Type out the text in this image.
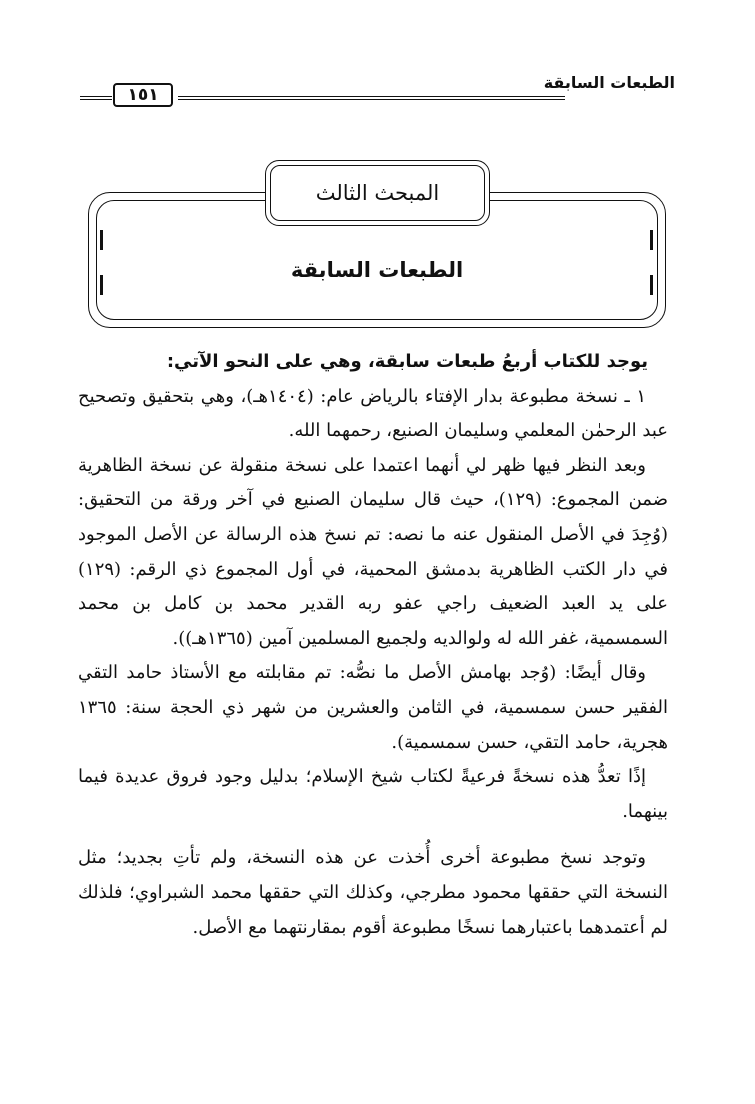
الطبعات السابقة
١٥١
المبحث الثالث
الطبعات السابقة

يوجد للكتاب أربعُ طبعات سابقة، وهي على النحو الآتي:

١ ـ نسخة مطبوعة بدار الإفتاء بالرياض عام: (١٤٠٤هـ)، وهي بتحقيق وتصحيح عبد الرحمٰن المعلمي وسليمان الصنيع، رحمهما الله.

وبعد النظر فيها ظهر لي أنهما اعتمدا على نسخة منقولة عن نسخة الظاهرية ضمن المجموع: (١٢٩)، حيث قال سليمان الصنيع في آخر ورقة من التحقيق: (وُجِدَ في الأصل المنقول عنه ما نصه: تم نسخ هذه الرسالة عن الأصل الموجود في دار الكتب الظاهرية بدمشق المحمية، في أول المجموع ذي الرقم: (١٢٩) على يد العبد الضعيف راجي عفو ربه القدير محمد بن كامل بن محمد السمسمية، غفر الله له ولوالديه ولجميع المسلمين آمين (١٣٦٥هـ)).

وقال أيضًا: (وُجد بهامش الأصل ما نصُّه: تم مقابلته مع الأستاذ حامد التقي الفقير حسن سمسمية، في الثامن والعشرين من شهر ذي الحجة سنة: ١٣٦٥ هجرية، حامد التقي، حسن سمسمية).

إذًا تعدُّ هذه نسخةً فرعيةً لكتاب شيخ الإسلام؛ بدليل وجود فروق عديدة فيما بينهما.

وتوجد نسخ مطبوعة أخرى أُخذت عن هذه النسخة، ولم تأتِ بجديد؛ مثل النسخة التي حققها محمود مطرجي، وكذلك التي حققها محمد الشبراوي؛ فلذلك لم أعتمدهما باعتبارهما نسخًا مطبوعة أقوم بمقارنتهما مع الأصل.
